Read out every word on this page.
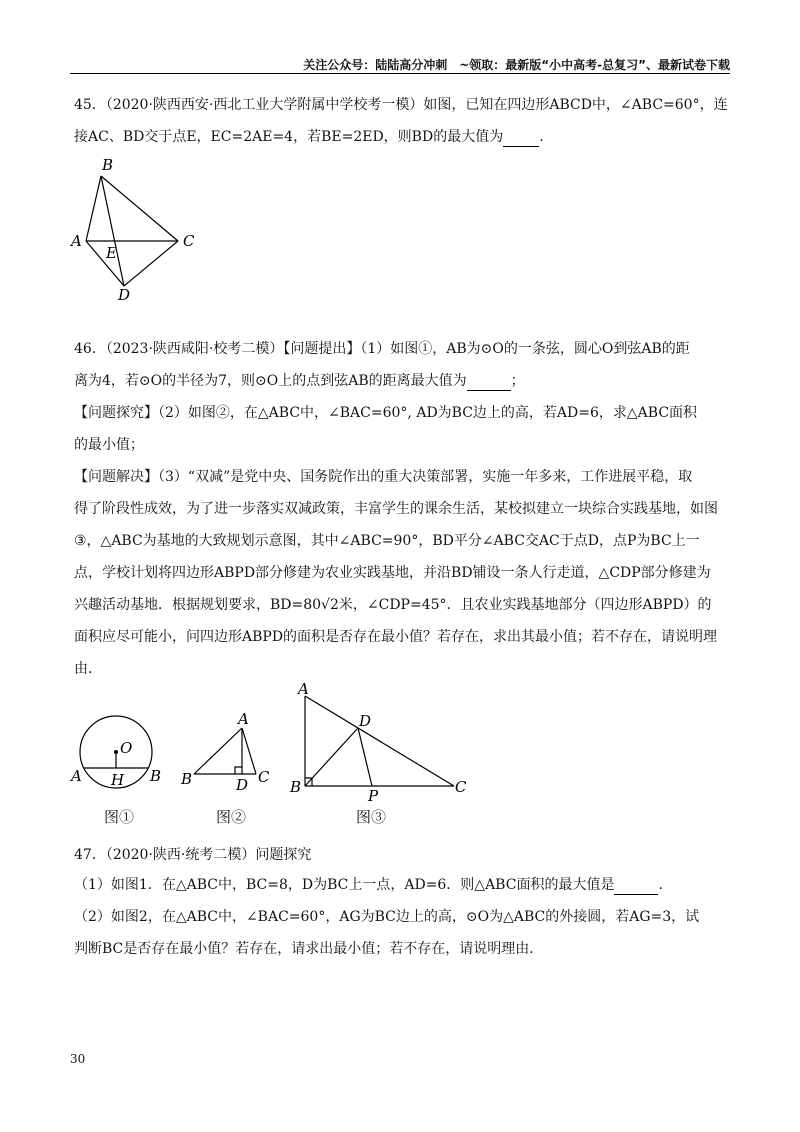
关注公众号：陆陆高分冲刺　~领取：最新版“小中高考-总复习”、最新试卷下载
45．（2020·陕西西安·西北工业大学附属中学校考一模）如图，已知在四边形ABCD中，∠ABC=60°，连
接AC、BD交于点E，EC=2AE=4，若BE=2ED，则BD的最大值为	.
B
A
E
C
D
46．（2023·陕西咸阳·校考二模）【问题提出】（1）如图①，AB为⊙O的一条弦，圆心O到弦AB的距
离为4，若⊙O的半径为7，则⊙O上的点到弦AB的距离最大值为	；
【问题探究】（2）如图②，在△ABC中，∠BAC=60°, AD为BC边上的高，若AD=6，求△ABC面积
的最小值；
【问题解决】（3）“双减”是党中央、国务院作出的重大决策部署，实施一年多来，工作进展平稳，取
得了阶段性成效，为了进一步落实双减政策，丰富学生的课余生活，某校拟建立一块综合实践基地，如图
③，△ABC为基地的大致规划示意图，其中∠ABC=90°，BD平分∠ABC交AC于点D，点P为BC上一
点，学校计划将四边形ABPD部分修建为农业实践基地，并沿BD铺设一条人行走道，△CDP部分修建为
兴趣活动基地．根据规划要求，BD=80√2米，∠CDP=45°．且农业实践基地部分（四边形ABPD）的
面积应尽可能小，问四边形ABPD的面积是否存在最小值？若存在，求出其最小值；若不存在，请说明理
由．
O
A H B
图①
A
B	D C
图②
A
D
B	P	C
图③
47．（2020·陕西·统考二模）问题探究
（1）如图1．在△ABC中，BC=8，D为BC上一点，AD=6．则△ABC面积的最大值是	.
（2）如图2，在△ABC中，∠BAC=60°，AG为BC边上的高，⊙O为△ABC的外接圆，若AG=3，试
判断BC是否存在最小值？若存在，请求出最小值；若不存在，请说明理由．
30
